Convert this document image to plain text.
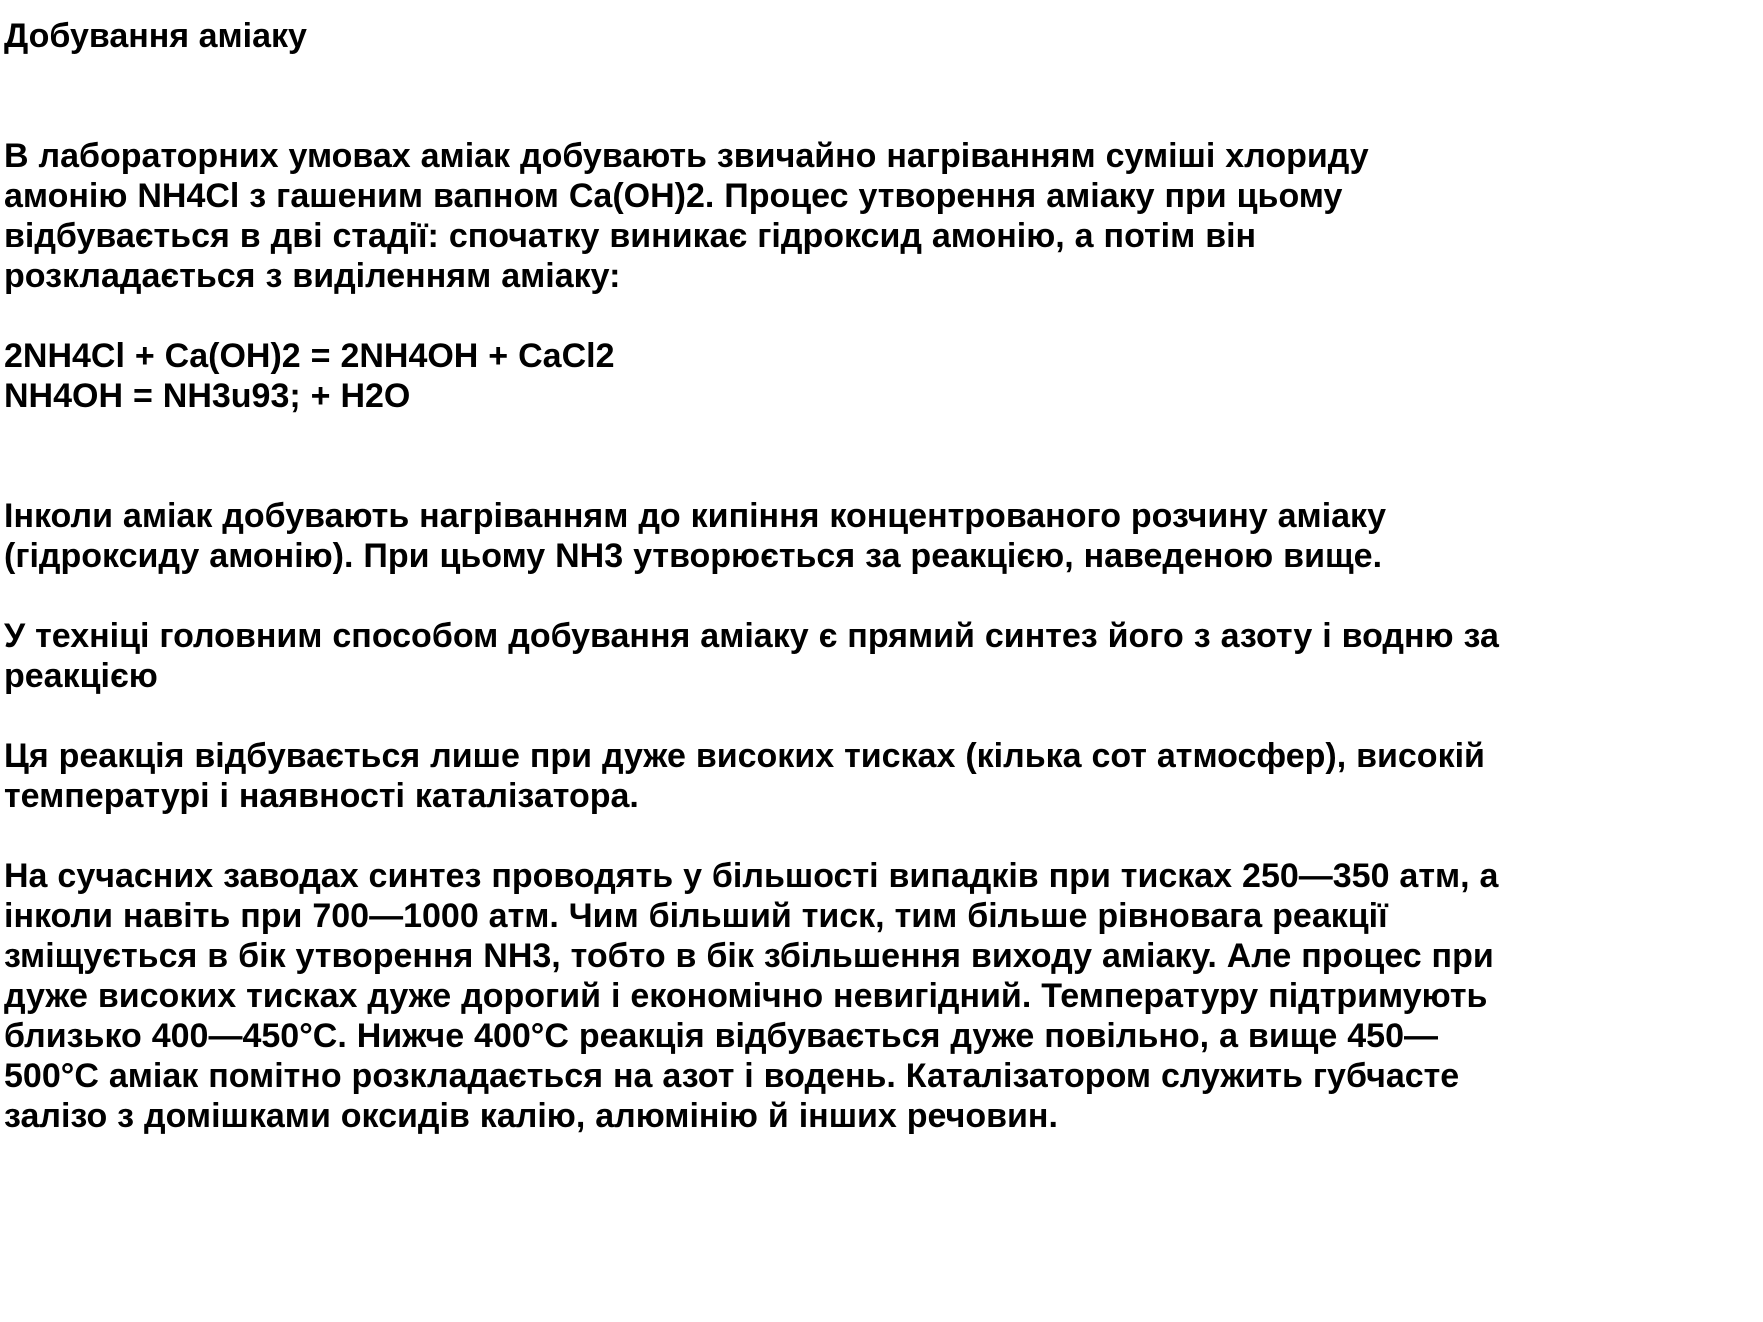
Добування аміаку

В лабораторних умовах аміак добувають звичайно нагріванням суміші хлориду
амонію NH4Cl з гашеним вапном Ca(OH)2. Процес утворення аміаку при цьому
відбувається в дві стадії: спочатку виникає гідроксид амонію, а потім він
розкладається з виділенням аміаку:

2NH4Cl + Ca(OH)2 = 2NH4OH + CaCl2
NH4OH = NH3u93; + H2O

Інколи аміак добувають нагріванням до кипіння концентрованого розчину аміаку
(гідроксиду амонію). При цьому NH3 утворюється за реакцією, наведеною вище.

У техніці головним способом добування аміаку є прямий синтез його з азоту і водню за
реакцією

Ця реакція відбувається лише при дуже високих тисках (кілька сот атмосфер), високій
температурі і наявності каталізатора.

На сучасних заводах синтез проводять у більшості випадків при тисках 250—350 атм, а
інколи навіть при 700—1000 атм. Чим більший тиск, тим більше рівновага реакції
зміщується в бік утворення NH3, тобто в бік збільшення виходу аміаку. Але процес при
дуже високих тисках дуже дорогий і економічно невигідний. Температуру підтримують
близько 400—450°C. Нижче 400°C реакція відбувається дуже повільно, а вище 450—
500°C аміак помітно розкладається на азот і водень. Каталізатором служить губчасте
залізо з домішками оксидів калію, алюмінію й інших речовин.
